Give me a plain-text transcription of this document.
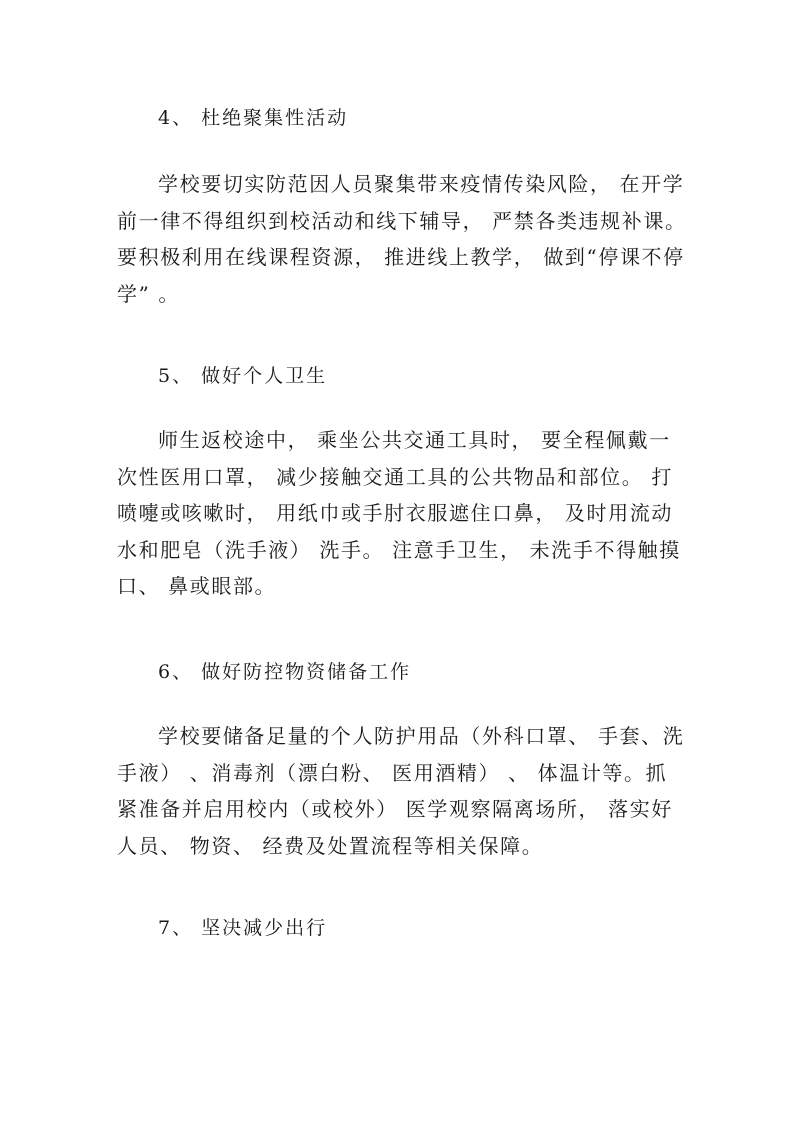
4、 杜绝聚集性活动

学校要切实防范因人员聚集带来疫情传染风险， 在开学前一律不得组织到校活动和线下辅导， 严禁各类违规补课。要积极利用在线课程资源， 推进线上教学， 做到“停课不停学” 。

5、 做好个人卫生

师生返校途中， 乘坐公共交通工具时， 要全程佩戴一次性医用口罩， 减少接触交通工具的公共物品和部位。 打喷嚏或咳嗽时， 用纸巾或手肘衣服遮住口鼻， 及时用流动水和肥皂（洗手液） 洗手。 注意手卫生， 未洗手不得触摸口、 鼻或眼部。

6、 做好防控物资储备工作

学校要储备足量的个人防护用品（外科口罩、 手套、洗手液） 、消毒剂（漂白粉、 医用酒精） 、 体温计等。抓紧准备并启用校内（或校外） 医学观察隔离场所， 落实好人员、 物资、 经费及处置流程等相关保障。

7、 坚决减少出行
